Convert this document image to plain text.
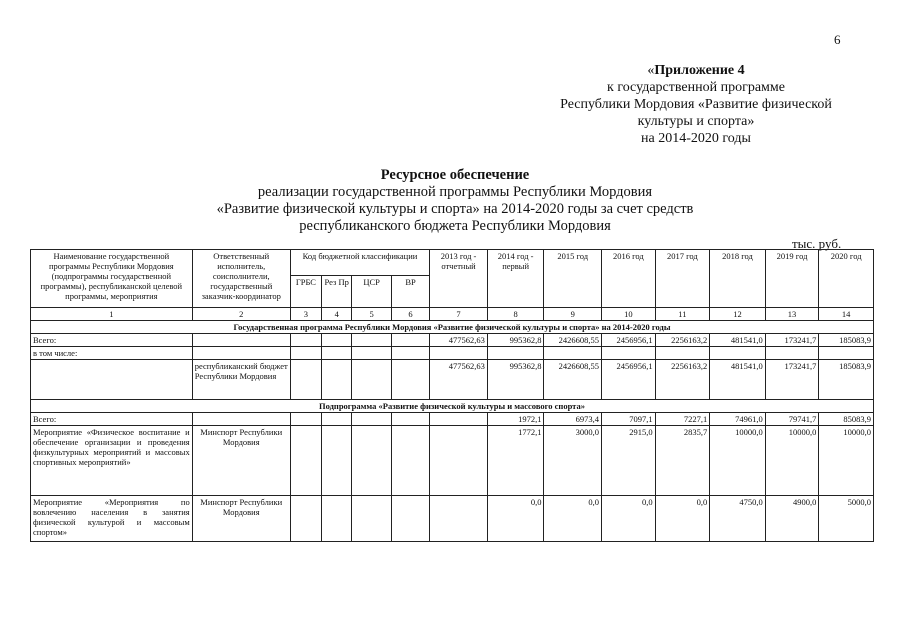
6
«Приложение 4
к государственной программе
Республики Мордовия «Развитие физической
культуры и спорта»
на 2014-2020 годы
Ресурсное обеспечение
реализации государственной программы Республики Мордовия
«Развитие физической культуры и спорта» на 2014-2020 годы за счет средств
республиканского бюджета Республики Мордовия
тыс. руб.
Наименование государственной программы Республики Мордовия (подпрограммы государственной программы), республиканской целевой программы, мероприятия	Ответственный исполнитель, соисполнители, государственный заказчик-координатор	Код бюджетной классификации				2013 год - отчетный	2014 год - первый	2015 год	2016 год	2017 год	2018 год	2019 год	2020 год
		ГРБС	Рез Пр	ЦСР	ВР								
1	2	3	4	5	6	7	8	9	10	11	12	13	14
Государственная программа Республики Мордовия «Развитие физической культуры и спорта» на 2014-2020 годы													
Всего:						477562,63	995362,8	2426608,55	2456956,1	2256163,2	481541,0	173241,7	185083,9
в том числе:													
	республиканский бюджет Республики Мордовия					477562,63	995362,8	2426608,55	2456956,1	2256163,2	481541,0	173241,7	185083,9
Подпрограмма «Развитие физической культуры и массового спорта»													
Всего:							1972,1	6973,4	7097,1	7227,1	74961,0	79741,7	85083,9
Мероприятие «Физическое воспитание и обеспечение организации и проведения физкультурных мероприятий и массовых спортивных мероприятий»	Минспорт Республики Мордовия						1772,1	3000,0	2915,0	2835,7	10000,0	10000,0	10000,0
Мероприятие «Мероприятия по вовлечению населения в занятия физической культурой и массовым спортом»	Минспорт Республики Мордовия						0,0	0,0	0,0	0,0	4750,0	4900,0	5000,0
